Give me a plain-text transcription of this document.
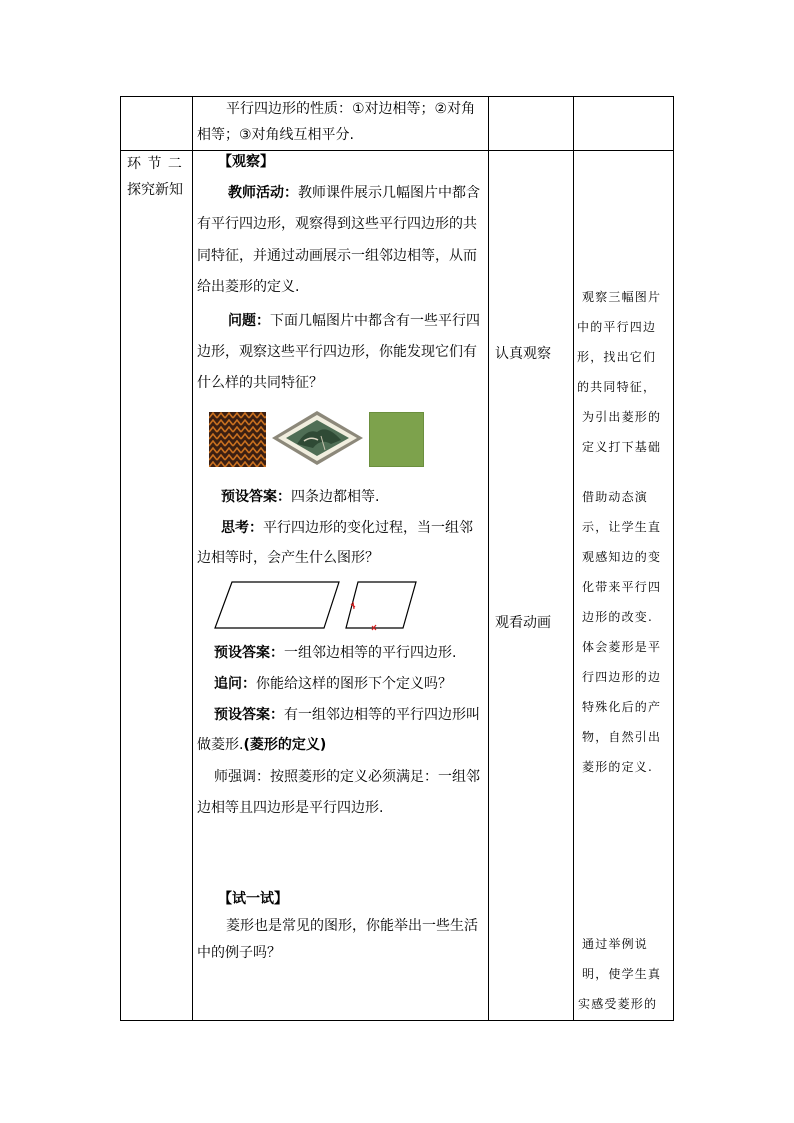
平行四边形的性质：①对边相等；②对角
相等；③对角线互相平分.
环 节 二
探究新知
【观察】
教师活动：教师课件展示几幅图片中都含
有平行四边形，观察得到这些平行四边形的共
同特征，并通过动画展示一组邻边相等，从而
给出菱形的定义.
问题：下面几幅图片中都含有一些平行四
边形，观察这些平行四边形，你能发现它们有
什么样的共同特征？
预设答案：四条边都相等.
思考：平行四边形的变化过程，当一组邻
边相等时，会产生什么图形？
预设答案：一组邻边相等的平行四边形.
追问：你能给这样的图形下个定义吗？
预设答案：有一组邻边相等的平行四边形叫
做菱形.(菱形的定义)
师强调：按照菱形的定义必须满足：一组邻
边相等且四边形是平行四边形.
【试一试】
菱形也是常见的图形，你能举出一些生活
中的例子吗？
认真观察
观看动画
观察三幅图片
中的平行四边
形，找出它们
的共同特征，
为引出菱形的
定义打下基础
借助动态演
示，让学生直
观感知边的变
化带来平行四
边形的改变.
体会菱形是平
行四边形的边
特殊化后的产
物，自然引出
菱形的定义.
通过举例说
明，使学生真
实感受菱形的
